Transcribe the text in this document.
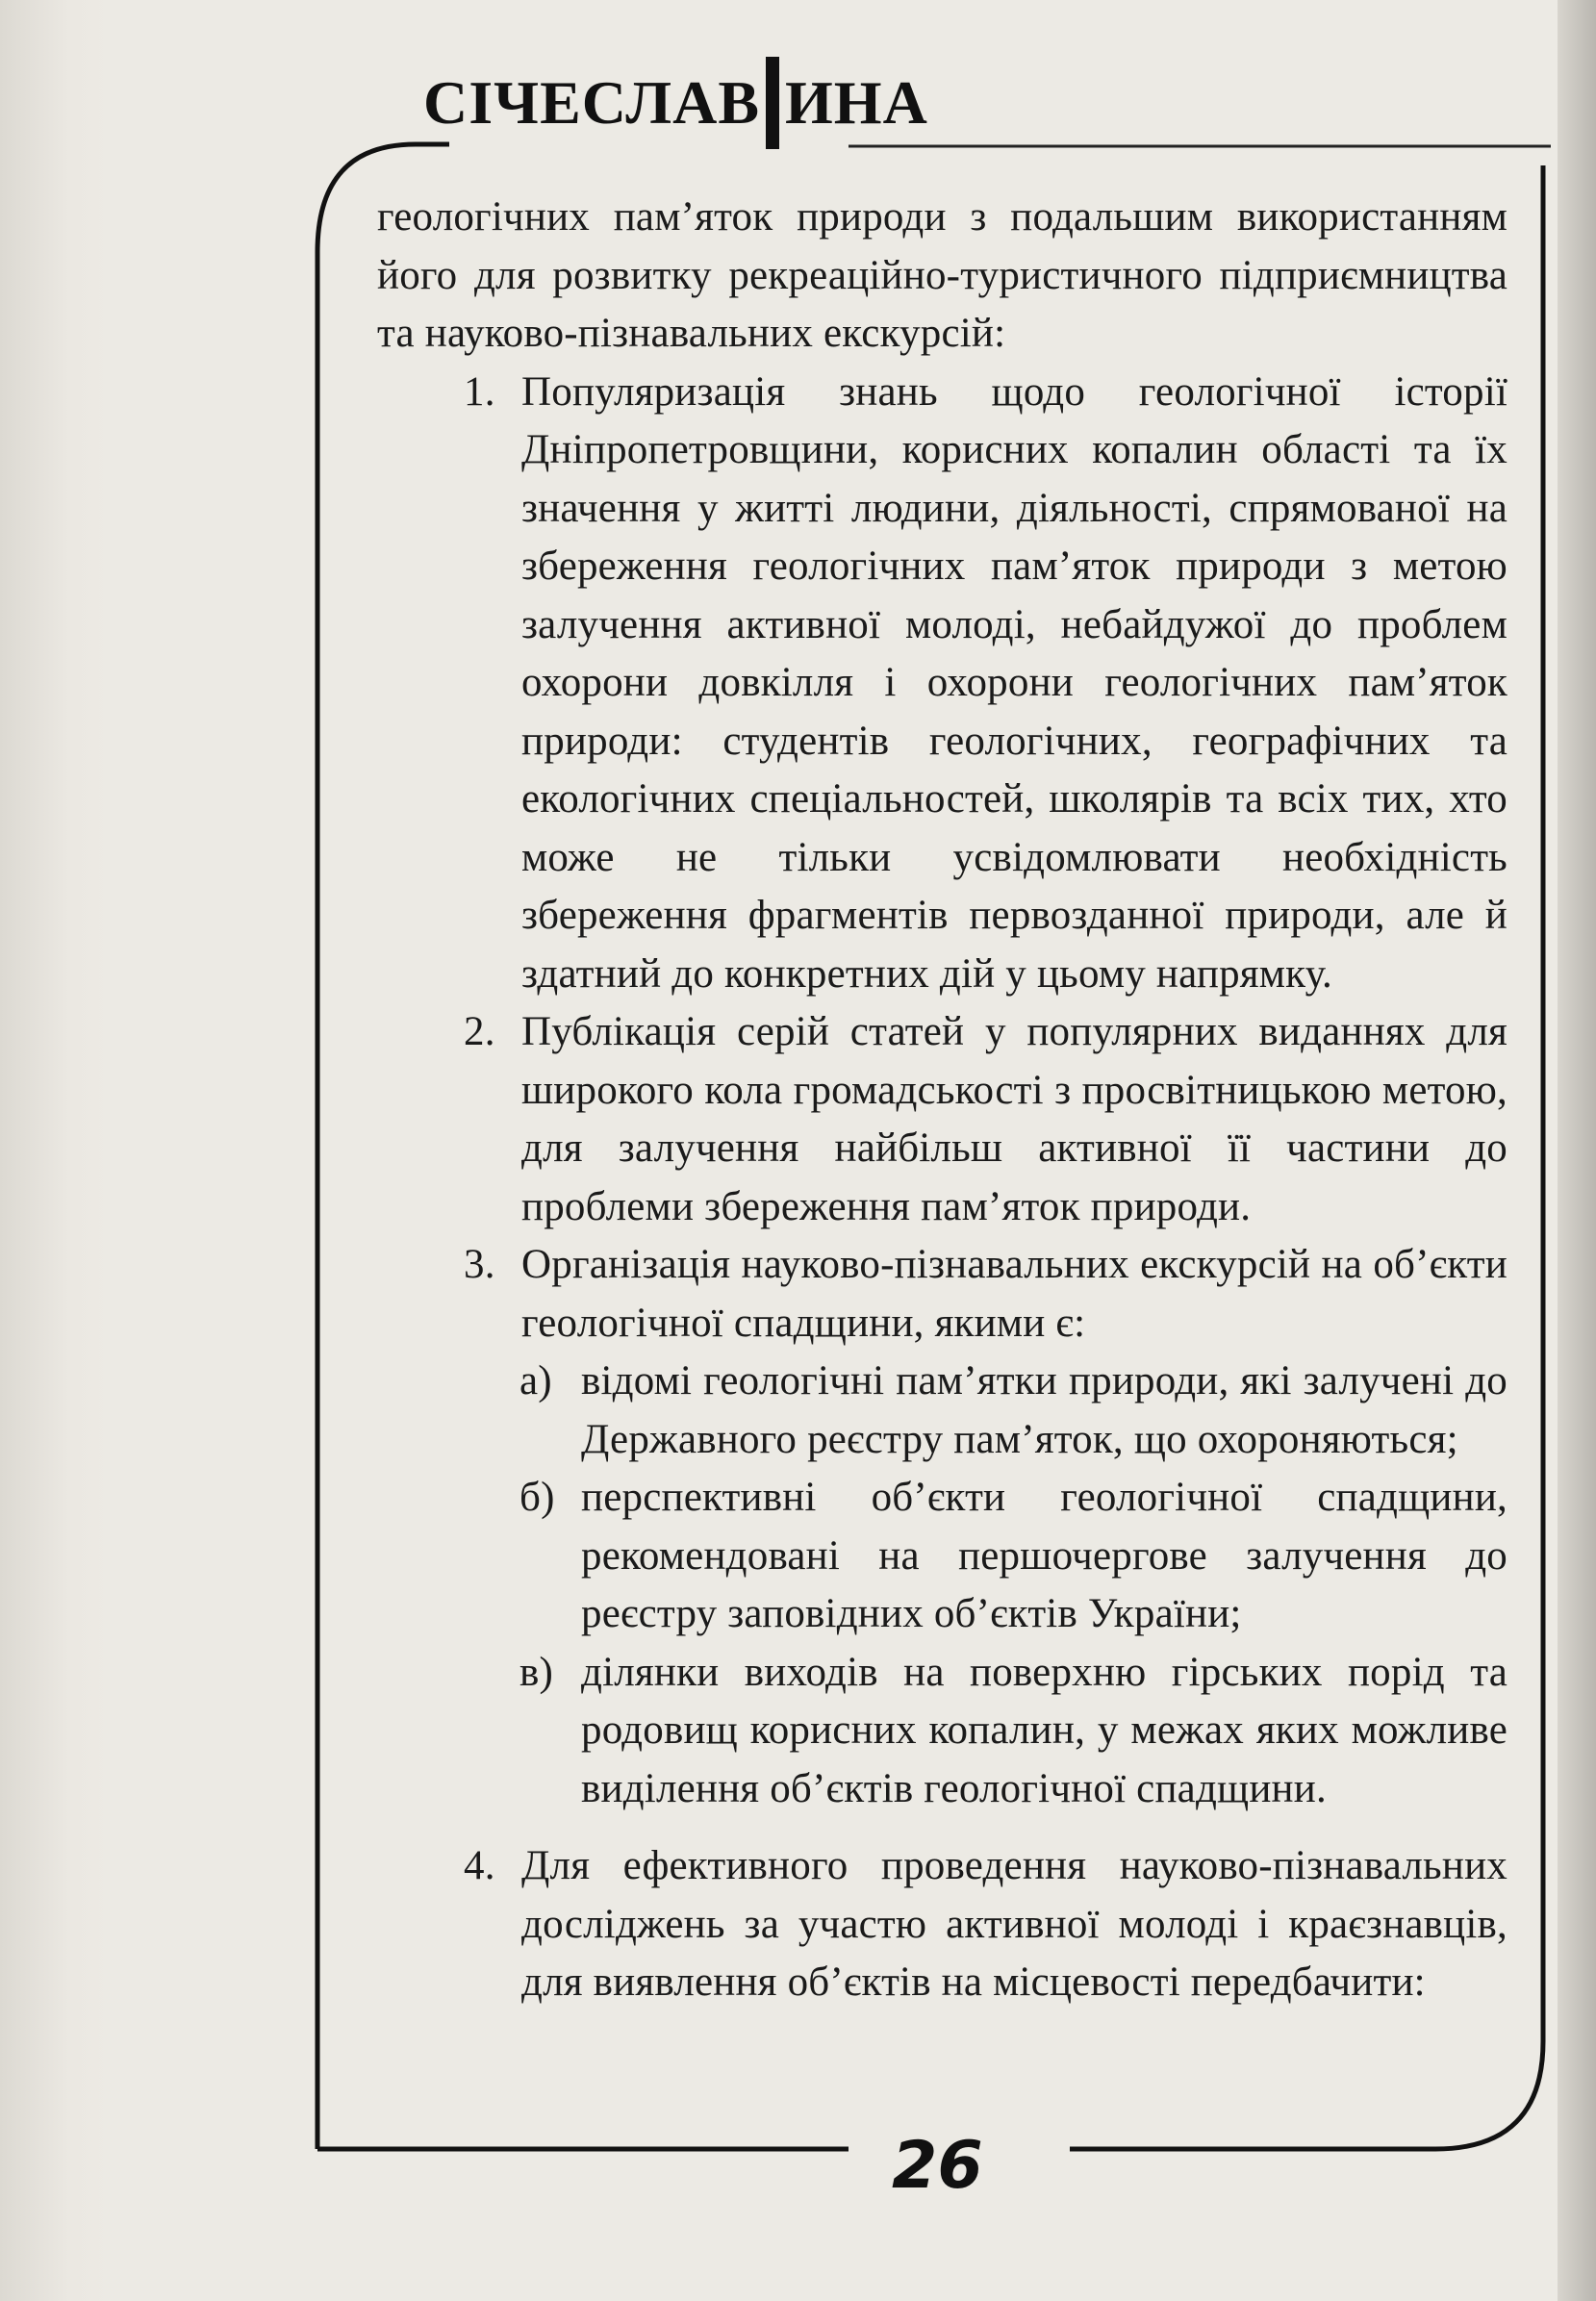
СІЧЕСЛАВ ИНА
26
геологічних пам’яток природи з подальшим використанням його для розвитку рекреаційно-туристичного підприємництва та науково-пізнавальних екскурсій:
1. Популяризація знань щодо геологічної історії Дніпропетровщини, корисних копалин області та їх значення у житті людини, діяльності, спрямованої на збереження геологічних пам’яток природи з метою залучення активної молоді, небайдужої до проблем охорони довкілля і охорони геологічних пам’яток природи: студентів геологічних, географічних та екологічних спеціальностей, школярів та всіх тих, хто може не тільки усвідомлювати необхідність збереження фрагментів первозданної природи, але й здатний до конкретних дій у цьому напрямку.
2. Публікація серій статей у популярних виданнях для широкого кола громадськості з просвітницькою метою, для залучення найбільш активної її частини до проблеми збереження пам’яток природи.
3. Організація науково-пізнавальних екскурсій на об’єкти геологічної спадщини, якими є:
а) відомі геологічні пам’ятки природи, які залучені до Державного реєстру пам’яток, що охороняються;
б) перспективні об’єкти геологічної спадщини, рекомендовані на першочергове залучення до реєстру заповідних об’єктів України;
в) ділянки виходів на поверхню гірських порід та родовищ корисних копалин, у межах яких можливе виділення об’єктів геологічної спадщини.
4. Для ефективного проведення науково-пізнавальних досліджень за участю активної молоді і краєзнавців, для виявлення об’єктів на місцевості передбачити:
